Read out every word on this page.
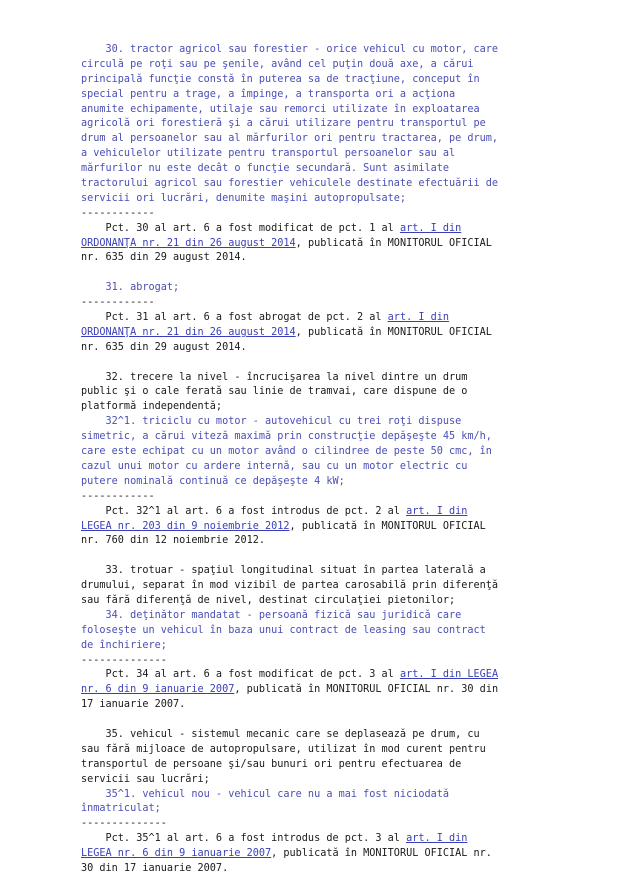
30. tractor agricol sau forestier - orice vehicul cu motor, care
circulă pe roţi sau pe şenile, având cel puţin două axe, a cărui
principală funcţie constă în puterea sa de tracţiune, conceput în
special pentru a trage, a împinge, a transporta ori a acţiona
anumite echipamente, utilaje sau remorci utilizate în exploatarea
agricolă ori forestieră şi a cărui utilizare pentru transportul pe
drum al persoanelor sau al mărfurilor ori pentru tractarea, pe drum,
a vehiculelor utilizate pentru transportul persoanelor sau al
mărfurilor nu este decât o funcţie secundară. Sunt asimilate
tractorului agricol sau forestier vehiculele destinate efectuării de
servicii ori lucrări, denumite maşini autopropulsate;
------------
Pct. 30 al art. 6 a fost modificat de pct. 1 al art. I din
ORDONANŢA nr. 21 din 26 august 2014, publicată în MONITORUL OFICIAL
nr. 635 din 29 august 2014.
31. abrogat;
------------
Pct. 31 al art. 6 a fost abrogat de pct. 2 al art. I din
ORDONANŢA nr. 21 din 26 august 2014, publicată în MONITORUL OFICIAL
nr. 635 din 29 august 2014.
32. trecere la nivel - încrucişarea la nivel dintre un drum
public şi o cale ferată sau linie de tramvai, care dispune de o
platformă independentă;
32^1. triciclu cu motor - autovehicul cu trei roţi dispuse
simetric, a cărui viteză maximă prin construcţie depăşeşte 45 km/h,
care este echipat cu un motor având o cilindree de peste 50 cmc, în
cazul unui motor cu ardere internă, sau cu un motor electric cu
putere nominală continuă ce depăşeşte 4 kW;
------------
Pct. 32^1 al art. 6 a fost introdus de pct. 2 al art. I din
LEGEA nr. 203 din 9 noiembrie 2012, publicată în MONITORUL OFICIAL
nr. 760 din 12 noiembrie 2012.
33. trotuar - spaţiul longitudinal situat în partea laterală a
drumului, separat în mod vizibil de partea carosabilă prin diferenţă
sau fără diferenţă de nivel, destinat circulaţiei pietonilor;
34. deţinător mandatat - persoană fizică sau juridică care
foloseşte un vehicul în baza unui contract de leasing sau contract
de închiriere;
--------------
Pct. 34 al art. 6 a fost modificat de pct. 3 al art. I din LEGEA
nr. 6 din 9 ianuarie 2007, publicată în MONITORUL OFICIAL nr. 30 din
17 ianuarie 2007.
35. vehicul - sistemul mecanic care se deplasează pe drum, cu
sau fără mijloace de autopropulsare, utilizat în mod curent pentru
transportul de persoane şi/sau bunuri ori pentru efectuarea de
servicii sau lucrări;
35^1. vehicul nou - vehicul care nu a mai fost niciodată
înmatriculat;
--------------
Pct. 35^1 al art. 6 a fost introdus de pct. 3 al art. I din
LEGEA nr. 6 din 9 ianuarie 2007, publicată în MONITORUL OFICIAL nr.
30 din 17 ianuarie 2007.
